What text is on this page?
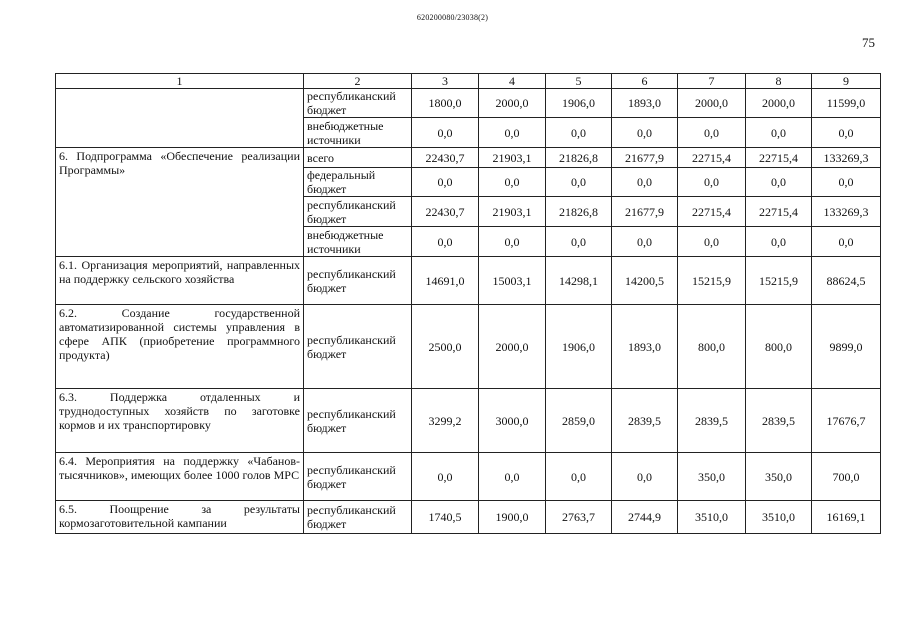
620200080/23038(2)
75
1	2	3	4	5	6	7	8	9
	республиканский бюджет	1800,0	2000,0	1906,0	1893,0	2000,0	2000,0	11599,0
	внебюджетные источники	0,0	0,0	0,0	0,0	0,0	0,0	0,0
6. Подпрограмма «Обеспечение реализации Программы»	всего	22430,7	21903,1	21826,8	21677,9	22715,4	22715,4	133269,3
	федеральный бюджет	0,0	0,0	0,0	0,0	0,0	0,0	0,0
	республиканский бюджет	22430,7	21903,1	21826,8	21677,9	22715,4	22715,4	133269,3
	внебюджетные источники	0,0	0,0	0,0	0,0	0,0	0,0	0,0
6.1. Организация мероприятий, направленных на поддержку сельского хозяйства	республиканский бюджет	14691,0	15003,1	14298,1	14200,5	15215,9	15215,9	88624,5
6.2. Создание государственной автоматизированной системы управления в сфере АПК (приобретение программного продукта)	республиканский бюджет	2500,0	2000,0	1906,0	1893,0	800,0	800,0	9899,0
6.3. Поддержка отдаленных и труднодоступных хозяйств по заготовке кормов и их транспортировку	республиканский бюджет	3299,2	3000,0	2859,0	2839,5	2839,5	2839,5	17676,7
6.4. Мероприятия на поддержку «Чабанов-тысячников», имеющих более 1000 голов МРС	республиканский бюджет	0,0	0,0	0,0	0,0	350,0	350,0	700,0
6.5. Поощрение за результаты кормозаготовительной кампании	республиканский бюджет	1740,5	1900,0	2763,7	2744,9	3510,0	3510,0	16169,1
